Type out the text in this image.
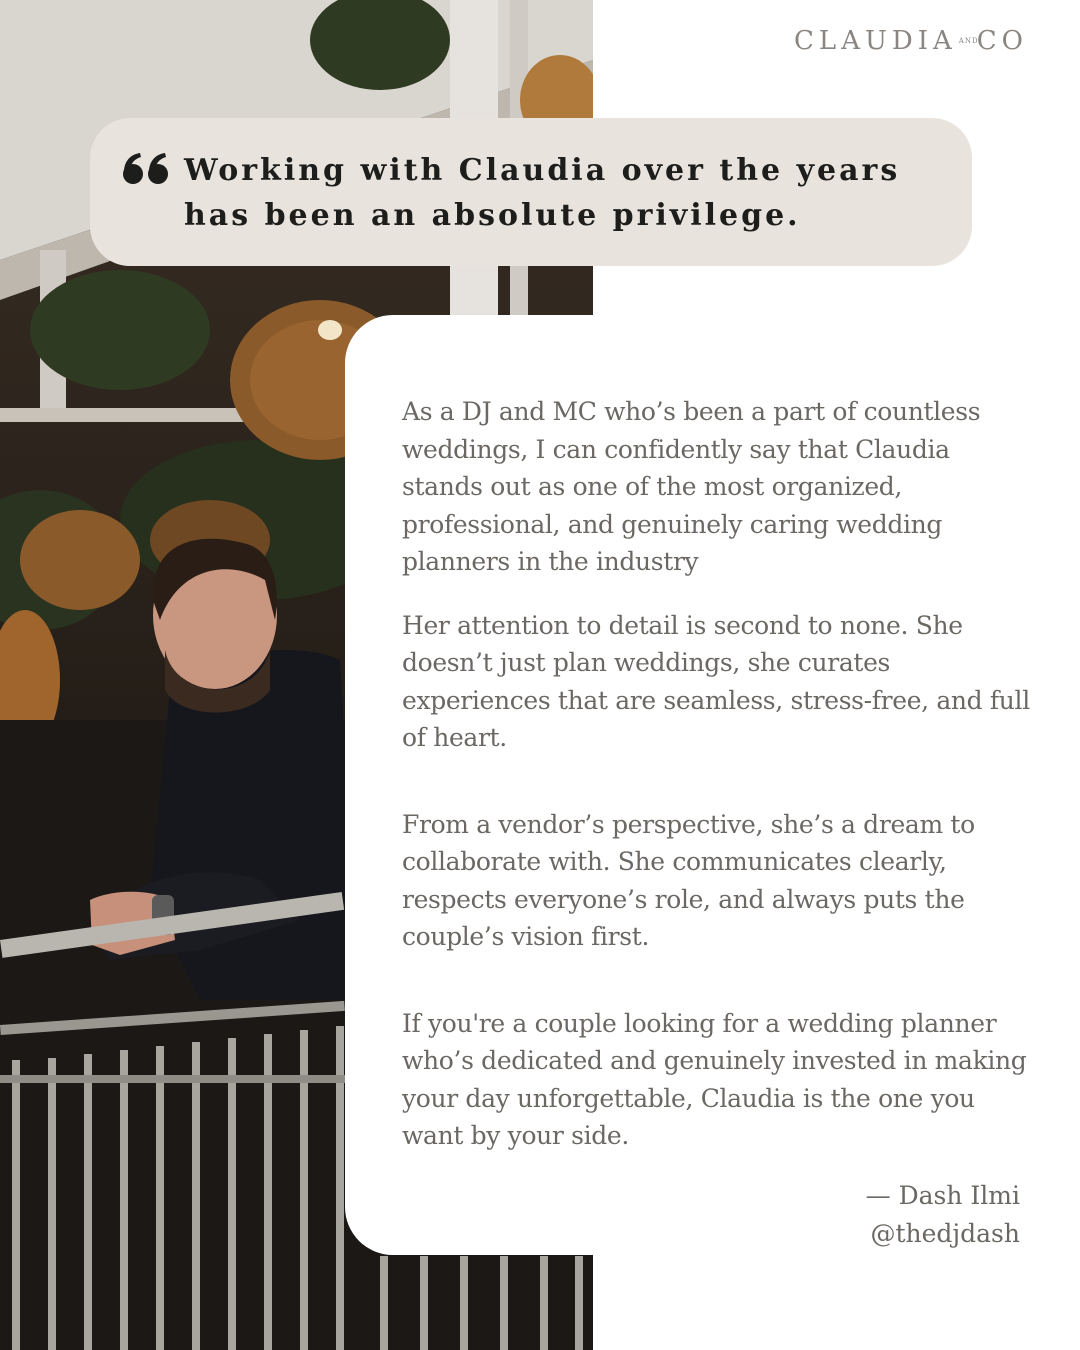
CLAUDIA AND
CO

Working with Claudia over the years

has been an absolute privilege.

As a DJ and MC who’s been a part of countless weddings, I can confidently say that Claudia stands out as one of the most organized, professional, and genuinely caring wedding planners in the industry

Her attention to detail is second to none. She doesn’t just plan weddings, she curates experiences that are seamless, stress-free, and full of heart.

From a vendor’s perspective, she’s a dream to collaborate with. She communicates clearly, respects everyone’s role, and always puts the couple’s vision first.

If you're a couple looking for a wedding planner who’s dedicated and genuinely invested in making your day unforgettable, Claudia is the one you want by your side.

— Dash Ilmi
@thedjdash
